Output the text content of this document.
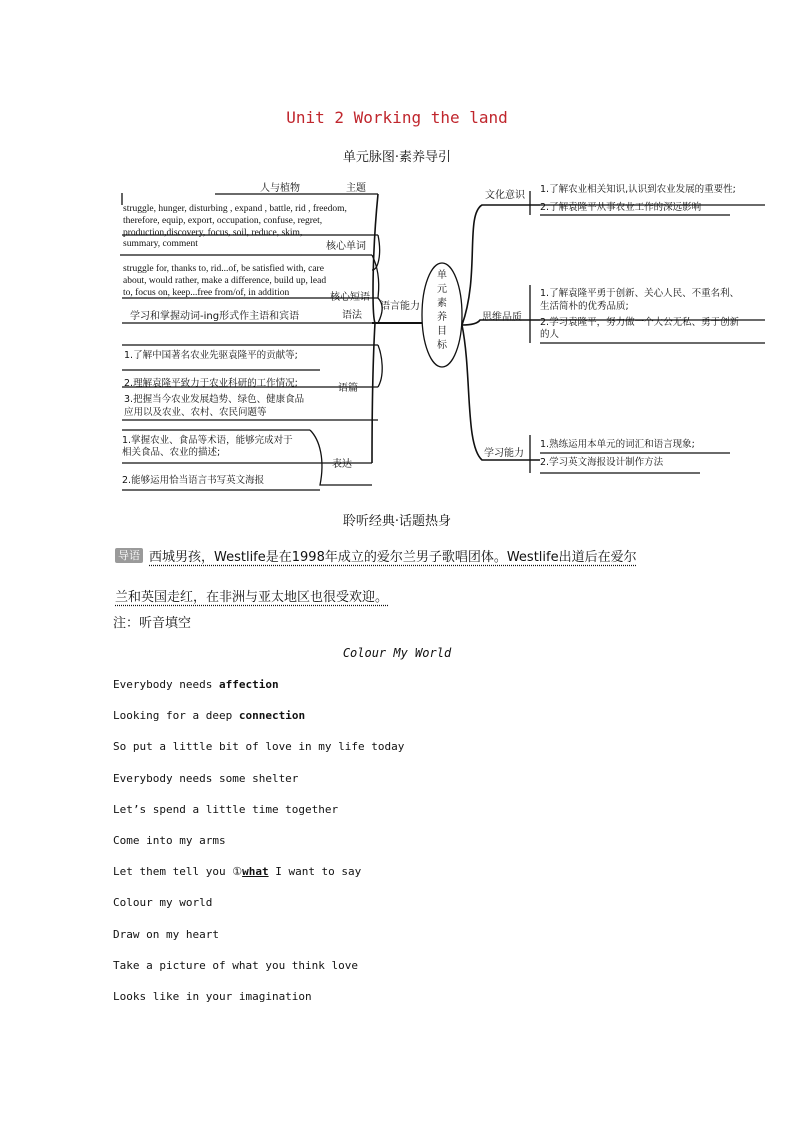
Unit 2 Working the land
单元脉图·素养导引
单
元
素
养
目
标
语言能力
人与植物	主题
struggle, hunger, disturbing , expand , battle, rid , freedom,
therefore, equip, export, occupation, confuse, regret,
production,discovery, focus, soil, reduce, skim,
summary, comment	核心单词
struggle for, thanks to, rid...of, be satisfied with, care
about, would rather, make a difference, build up, lead
to, focus on, keep...free from/of, in addition	核心短语
学习和掌握动词-ing形式作主语和宾语	语法
1.了解中国著名农业先驱袁隆平的贡献等;
2.理解袁隆平致力于农业科研的工作情况;
3.把握当今农业发展趋势、绿色、健康食品
应用以及农业、农村、农民问题等
语篇
1.掌握农业、食品等术语，能够完成对于
相关食品、农业的描述;
2.能够运用恰当语言书写英文海报
表达
文化意识
1.了解农业相关知识,认识到农业发展的重要性;
2.了解袁隆平从事农业工作的深远影响
思维品质
1.了解袁隆平勇于创新、关心人民、不重名利、
生活简朴的优秀品质;
2.学习袁隆平，努力做一个大公无私、勇于创新
的人
学习能力
1.熟练运用本单元的词汇和语言现象;
2.学习英文海报设计制作方法
聆听经典·话题热身
导语 西城男孩，Westlife是在1998年成立的爱尔兰男子歌唱团体。Westlife出道后在爱尔
兰和英国走红，在非洲与亚太地区也很受欢迎。
注：听音填空
Colour My World
Everybody needs affection
Looking for a deep connection
So put a little bit of love in my life today
Everybody needs some shelter
Let’s spend a little time together
Come into my arms
Let them tell you ①what I want to say
Colour my world
Draw on my heart
Take a picture of what you think love
Looks like in your imagination
